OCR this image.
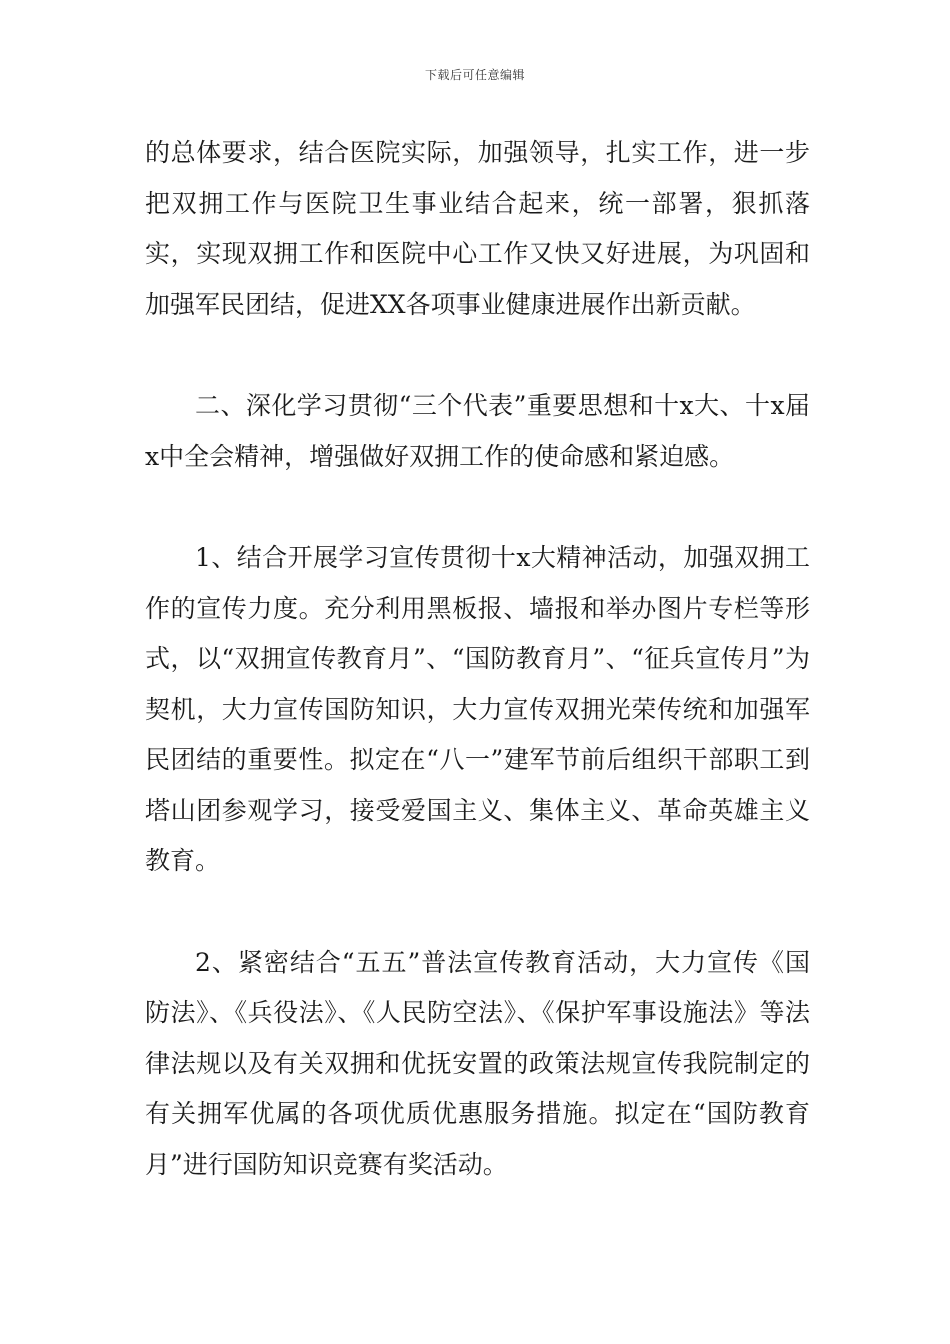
下载后可任意编辑

的总体要求，结合医院实际，加强领导，扎实工作，进一步把双拥工作与医院卫生事业结合起来，统一部署，狠抓落实，实现双拥工作和医院中心工作又快又好进展，为巩固和加强军民团结，促进XX各项事业健康进展作出新贡献。

二、深化学习贯彻“三个代表”重要思想和十x大、十x届x中全会精神，增强做好双拥工作的使命感和紧迫感。

1、结合开展学习宣传贯彻十x大精神活动，加强双拥工作的宣传力度。充分利用黑板报、墙报和举办图片专栏等形式，以“双拥宣传教育月”、“国防教育月”、“征兵宣传月”为契机，大力宣传国防知识，大力宣传双拥光荣传统和加强军民团结的重要性。拟定在“八一”建军节前后组织干部职工到塔山团参观学习，接受爱国主义、集体主义、革命英雄主义教育。

2、紧密结合“五五”普法宣传教育活动，大力宣传《国防法》、《兵役法》、《人民防空法》、《保护军事设施法》等法律法规以及有关双拥和优抚安置的政策法规宣传我院制定的有关拥军优属的各项优质优惠服务措施。拟定在“国防教育月”进行国防知识竞赛有奖活动。
